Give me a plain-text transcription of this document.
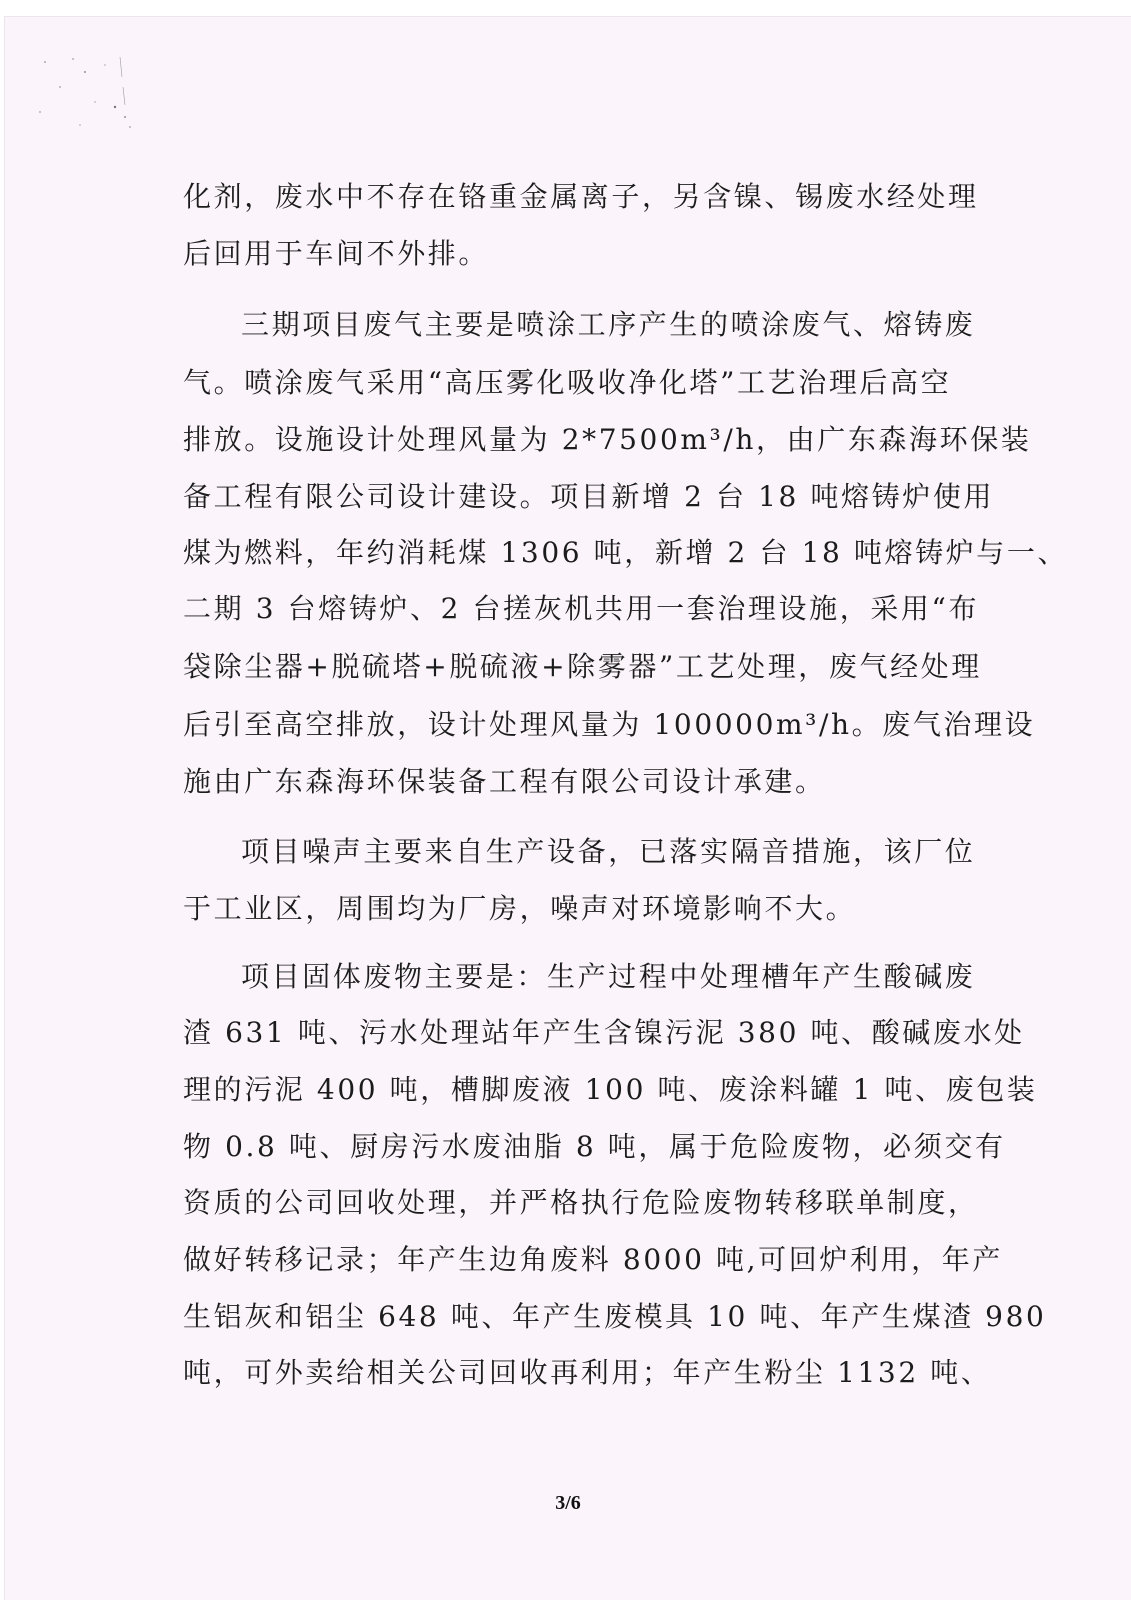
化剂，废水中不存在铬重金属离子，另含镍、锡废水经处理
后回用于车间不外排。
三期项目废气主要是喷涂工序产生的喷涂废气、熔铸废
气。喷涂废气采用“高压雾化吸收净化塔”工艺治理后高空
排放。设施设计处理风量为 2*7500m³/h，由广东森海环保装
备工程有限公司设计建设。项目新增 2 台 18 吨熔铸炉使用
煤为燃料，年约消耗煤 1306 吨，新增 2 台 18 吨熔铸炉与一、
二期 3 台熔铸炉、2 台搓灰机共用一套治理设施，采用“布
袋除尘器+脱硫塔+脱硫液+除雾器”工艺处理，废气经处理
后引至高空排放，设计处理风量为 100000m³/h。废气治理设
施由广东森海环保装备工程有限公司设计承建。
项目噪声主要来自生产设备，已落实隔音措施，该厂位
于工业区，周围均为厂房，噪声对环境影响不大。
项目固体废物主要是：生产过程中处理槽年产生酸碱废
渣 631 吨、污水处理站年产生含镍污泥 380 吨、酸碱废水处
理的污泥 400 吨，槽脚废液 100 吨、废涂料罐 1 吨、废包装
物 0.8 吨、厨房污水废油脂 8 吨，属于危险废物，必须交有
资质的公司回收处理，并严格执行危险废物转移联单制度，
做好转移记录；年产生边角废料 8000 吨,可回炉利用，年产
生铝灰和铝尘 648 吨、年产生废模具 10 吨、年产生煤渣 980
吨，可外卖给相关公司回收再利用；年产生粉尘 1132 吨、
3/6
